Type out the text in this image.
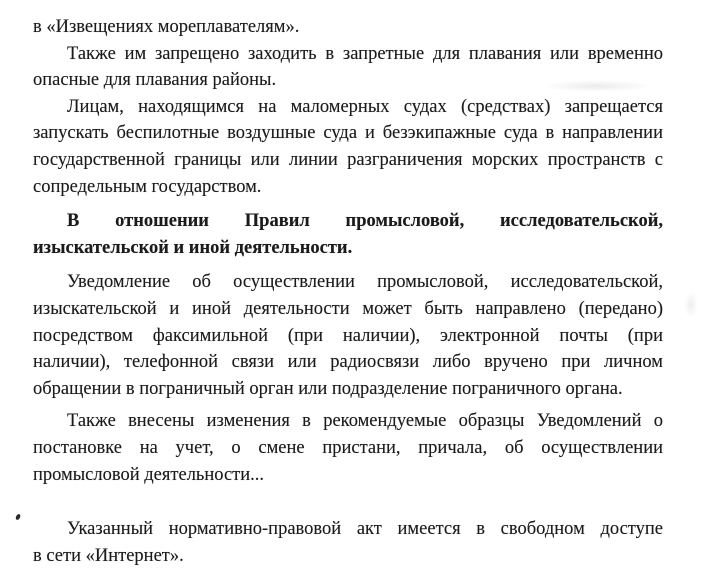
в «Извещениях мореплавателям».
Также им запрещено заходить в запретные для плавания или временно
опасные для плавания районы.
Лицам, находящимся на маломерных судах (средствах) запрещается
запускать беспилотные воздушные суда и безэкипажные суда в направлении
государственной границы или линии разграничения морских пространств с
сопредельным государством.
В отношении Правил промысловой, исследовательской,
изыскательской и иной деятельности.
Уведомление об осуществлении промысловой, исследовательской,
изыскательской и иной деятельности может быть направлено (передано)
посредством факсимильной (при наличии), электронной почты (при
наличии), телефонной связи или радиосвязи либо вручено при личном
обращении в пограничный орган или подразделение пограничного органа.
Также внесены изменения в рекомендуемые образцы Уведомлений о
постановке на учет, о смене пристани, причала, об осуществлении
промысловой деятельности...
Указанный нормативно-правовой акт имеется в свободном доступе
в сети «Интернет».
